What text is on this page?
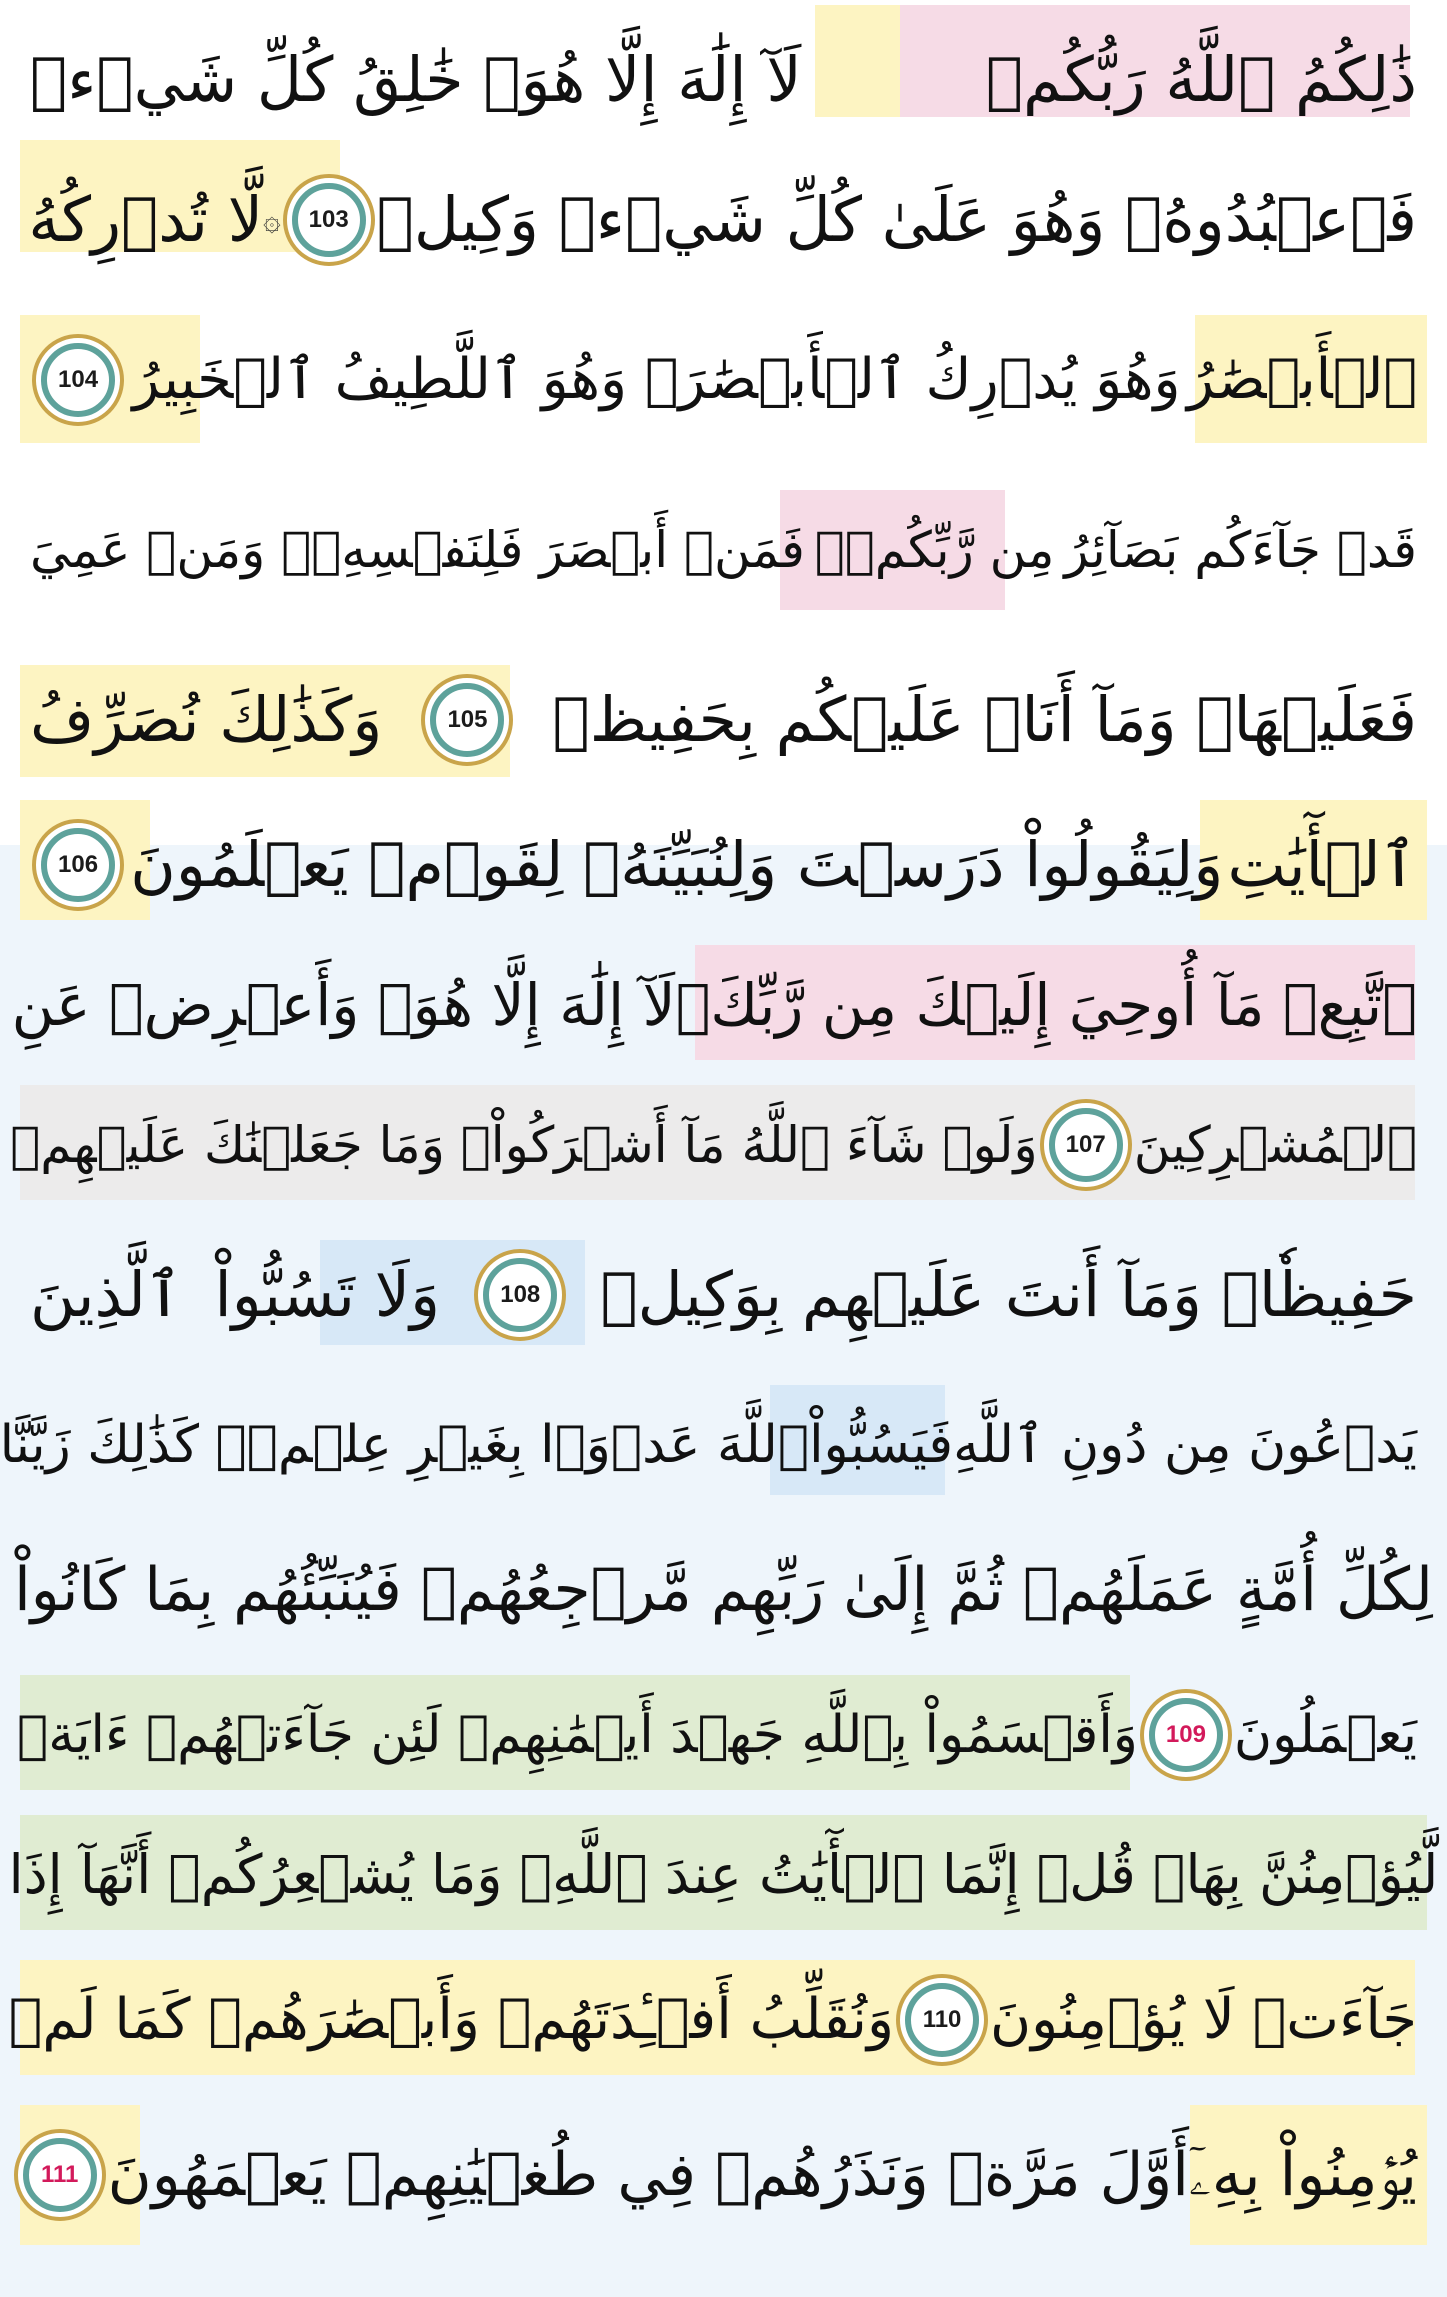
ذَٰلِكُمُ ٱللَّهُ رَبُّكُمۡ
لَآ إِلَٰهَ إِلَّا هُوَۖ خَٰلِقُ كُلِّ شَيۡءٖ
فَٱعۡبُدُوهُۚ وَهُوَ عَلَىٰ كُلِّ شَيۡءٖ وَكِيلٞ
103
۞
لَّا تُدۡرِكُهُ
ٱلۡأَبۡصَٰرُ
وَهُوَ يُدۡرِكُ ٱلۡأَبۡصَٰرَۖ وَهُوَ ٱللَّطِيفُ ٱلۡخَبِيرُ
104
قَدۡ جَآءَكُم بَصَآئِرُ
مِن رَّبِّكُمۡۖ
فَمَنۡ أَبۡصَرَ فَلِنَفۡسِهِۦۖ وَمَنۡ عَمِيَ
فَعَلَيۡهَاۚ وَمَآ أَنَا۠ عَلَيۡكُم بِحَفِيظٖ
105
وَكَذَٰلِكَ نُصَرِّفُ
ٱلۡأٓيَٰتِ
وَلِيَقُولُواْ دَرَسۡتَ وَلِنُبَيِّنَهُۥ لِقَوۡمٖ يَعۡلَمُونَ
106
ٱتَّبِعۡ مَآ أُوحِيَ إِلَيۡكَ مِن رَّبِّكَۖ
لَآ إِلَٰهَ إِلَّا هُوَۖ وَأَعۡرِضۡ عَنِ
ٱلۡمُشۡرِكِينَ
107
وَلَوۡ شَآءَ ٱللَّهُ مَآ أَشۡرَكُواْۗ وَمَا جَعَلۡنَٰكَ عَلَيۡهِمۡ
حَفِيظٗاۖ وَمَآ أَنتَ عَلَيۡهِم بِوَكِيلٖ
108
وَلَا تَسُبُّواْ
ٱلَّذِينَ
يَدۡعُونَ مِن دُونِ ٱللَّهِ
فَيَسُبُّواْ
ٱللَّهَ عَدۡوَۢا بِغَيۡرِ عِلۡمٖۗ كَذَٰلِكَ زَيَّنَّا
لِكُلِّ أُمَّةٍ عَمَلَهُمۡ ثُمَّ إِلَىٰ رَبِّهِم مَّرۡجِعُهُمۡ فَيُنَبِّئُهُم بِمَا كَانُواْ
يَعۡمَلُونَ
109
وَأَقۡسَمُواْ بِٱللَّهِ جَهۡدَ أَيۡمَٰنِهِمۡ لَئِن جَآءَتۡهُمۡ ءَايَةٞ
لَّيُؤۡمِنُنَّ بِهَاۚ قُلۡ إِنَّمَا ٱلۡأٓيَٰتُ عِندَ ٱللَّهِۖ وَمَا يُشۡعِرُكُمۡ أَنَّهَآ إِذَا
جَآءَتۡ لَا يُؤۡمِنُونَ
110
وَنُقَلِّبُ أَفۡـِٔدَتَهُمۡ وَأَبۡصَٰرَهُمۡ كَمَا لَمۡ
يُؤۡمِنُواْ بِهِۦٓ
أَوَّلَ مَرَّةٖ وَنَذَرُهُمۡ فِي طُغۡيَٰنِهِمۡ يَعۡمَهُونَ
111
